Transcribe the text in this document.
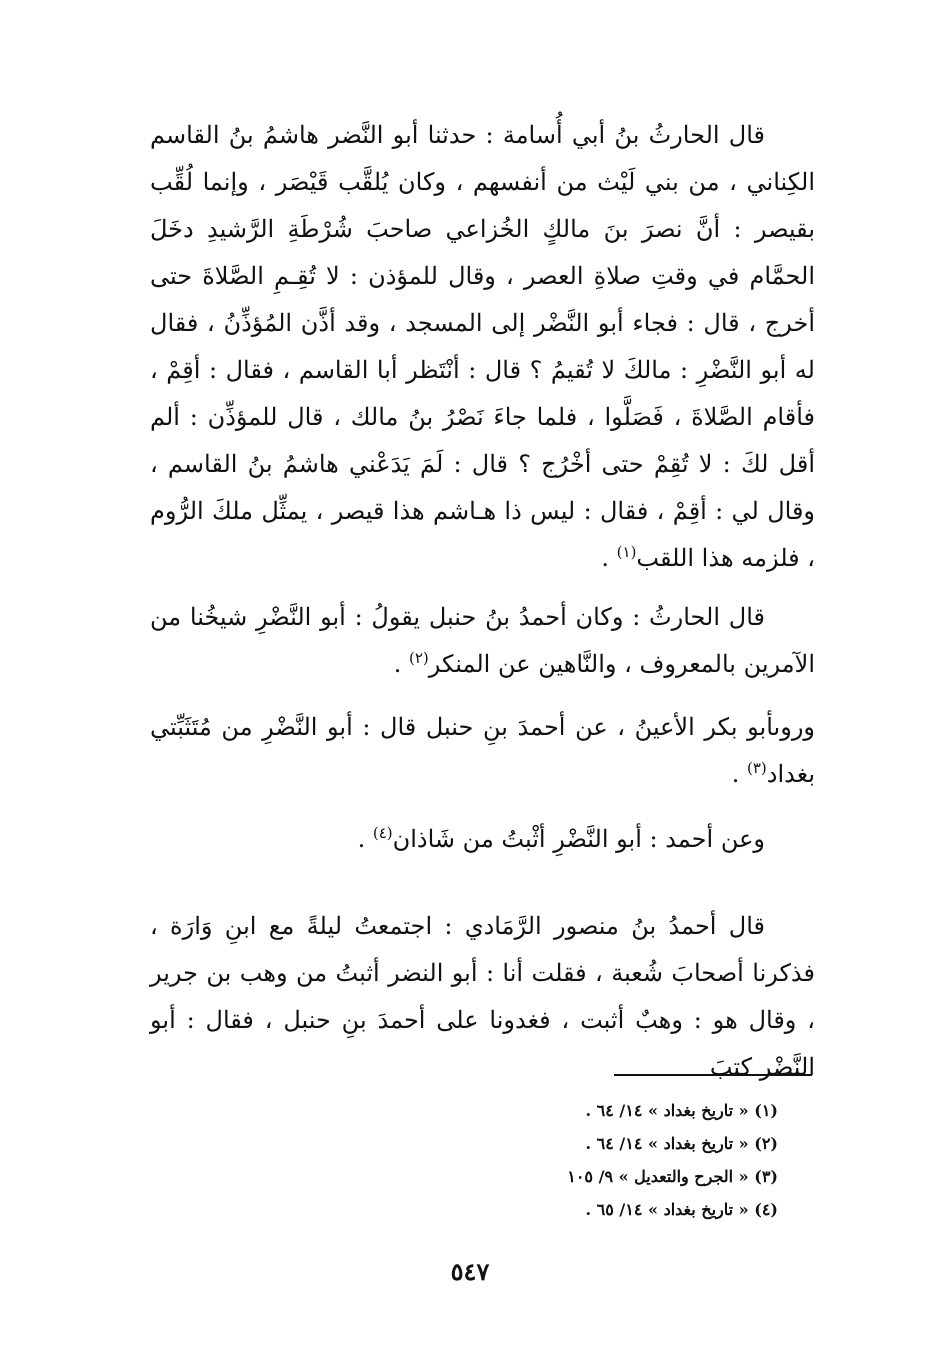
قال الحارثُ بنُ أبي أُسامة : حدثنا أبو النَّضر هاشمُ بنُ القاسم الكِناني ، من بني لَيْث من أنفسهم ، وكان يُلقَّب قَيْصَر ، وإنما لُقِّب بقيصر : أنَّ نصرَ بنَ مالكٍ الخُزاعي صاحبَ شُرْطَةِ الرَّشيدِ دخَلَ الحمَّام في وقتِ صلاةِ العصر ، وقال للمؤذن : لا تُقِـمِ الصَّلاةَ حتى أخرج ، قال : فجاء أبو النَّضْر إلى المسجد ، وقد أذَّن المُؤذِّنُ ، فقال له أبو النَّضْرِ : مالكَ لا تُقيمُ ؟ قال : أنْتَظر أبا القاسم ، فقال : أقِمْ ، فأقام الصَّلاةَ ، فَصَلَّوا ، فلما جاءَ نَصْرُ بنُ مالك ، قال للمؤذِّن : ألم أقل لكَ : لا تُقِمْ حتى أخْرُج ؟ قال : لَمَ يَدَعْني هاشمُ بنُ القاسم ، وقال لي : أقِمْ ، فقال : ليس ذا هـاشم هذا قيصر ، يمثِّل ملكَ الرُّوم ، فلزمه هذا اللقب$^{(١)}$ .

قال الحارثُ : وكان أحمدُ بنُ حنبل يقولُ : أبو النَّضْرِ شيخُنا من الآمرين بالمعروف ، والنَّاهين عن المنكر$^{(٢)}$ .

وروىأبو بكر الأعينُ ، عن أحمدَ بنِ حنبل قال : أبو النَّضْرِ من مُتَثَبِّتي بغداد$^{(٣)}$ .

وعن أحمد : أبو النَّضْرِ أثْبتُ من شَاذان$^{(٤)}$ .

قال أحمدُ بنُ منصور الرَّمَادي : اجتمعتُ ليلةً مع ابنِ وَارَة ، فذكرنا أصحابَ شُعبة ، فقلت أنا : أبو النضر أثبتُ من وهب بن جرير ، وقال هو : وهبٌ أثبت ، فغدونا على أحمدَ بنِ حنبل ، فقال : أبو النَّضْر كتبَ

(١) « تاريخ بغداد » ١٤/ ٦٤ .

(٢) « تاريخ بغداد » ١٤/ ٦٤ .

(٣) « الجرح والتعديل » ٩/ ١٠٥

(٤) « تاريخ بغداد » ١٤/ ٦٥ .

٥٤٧
